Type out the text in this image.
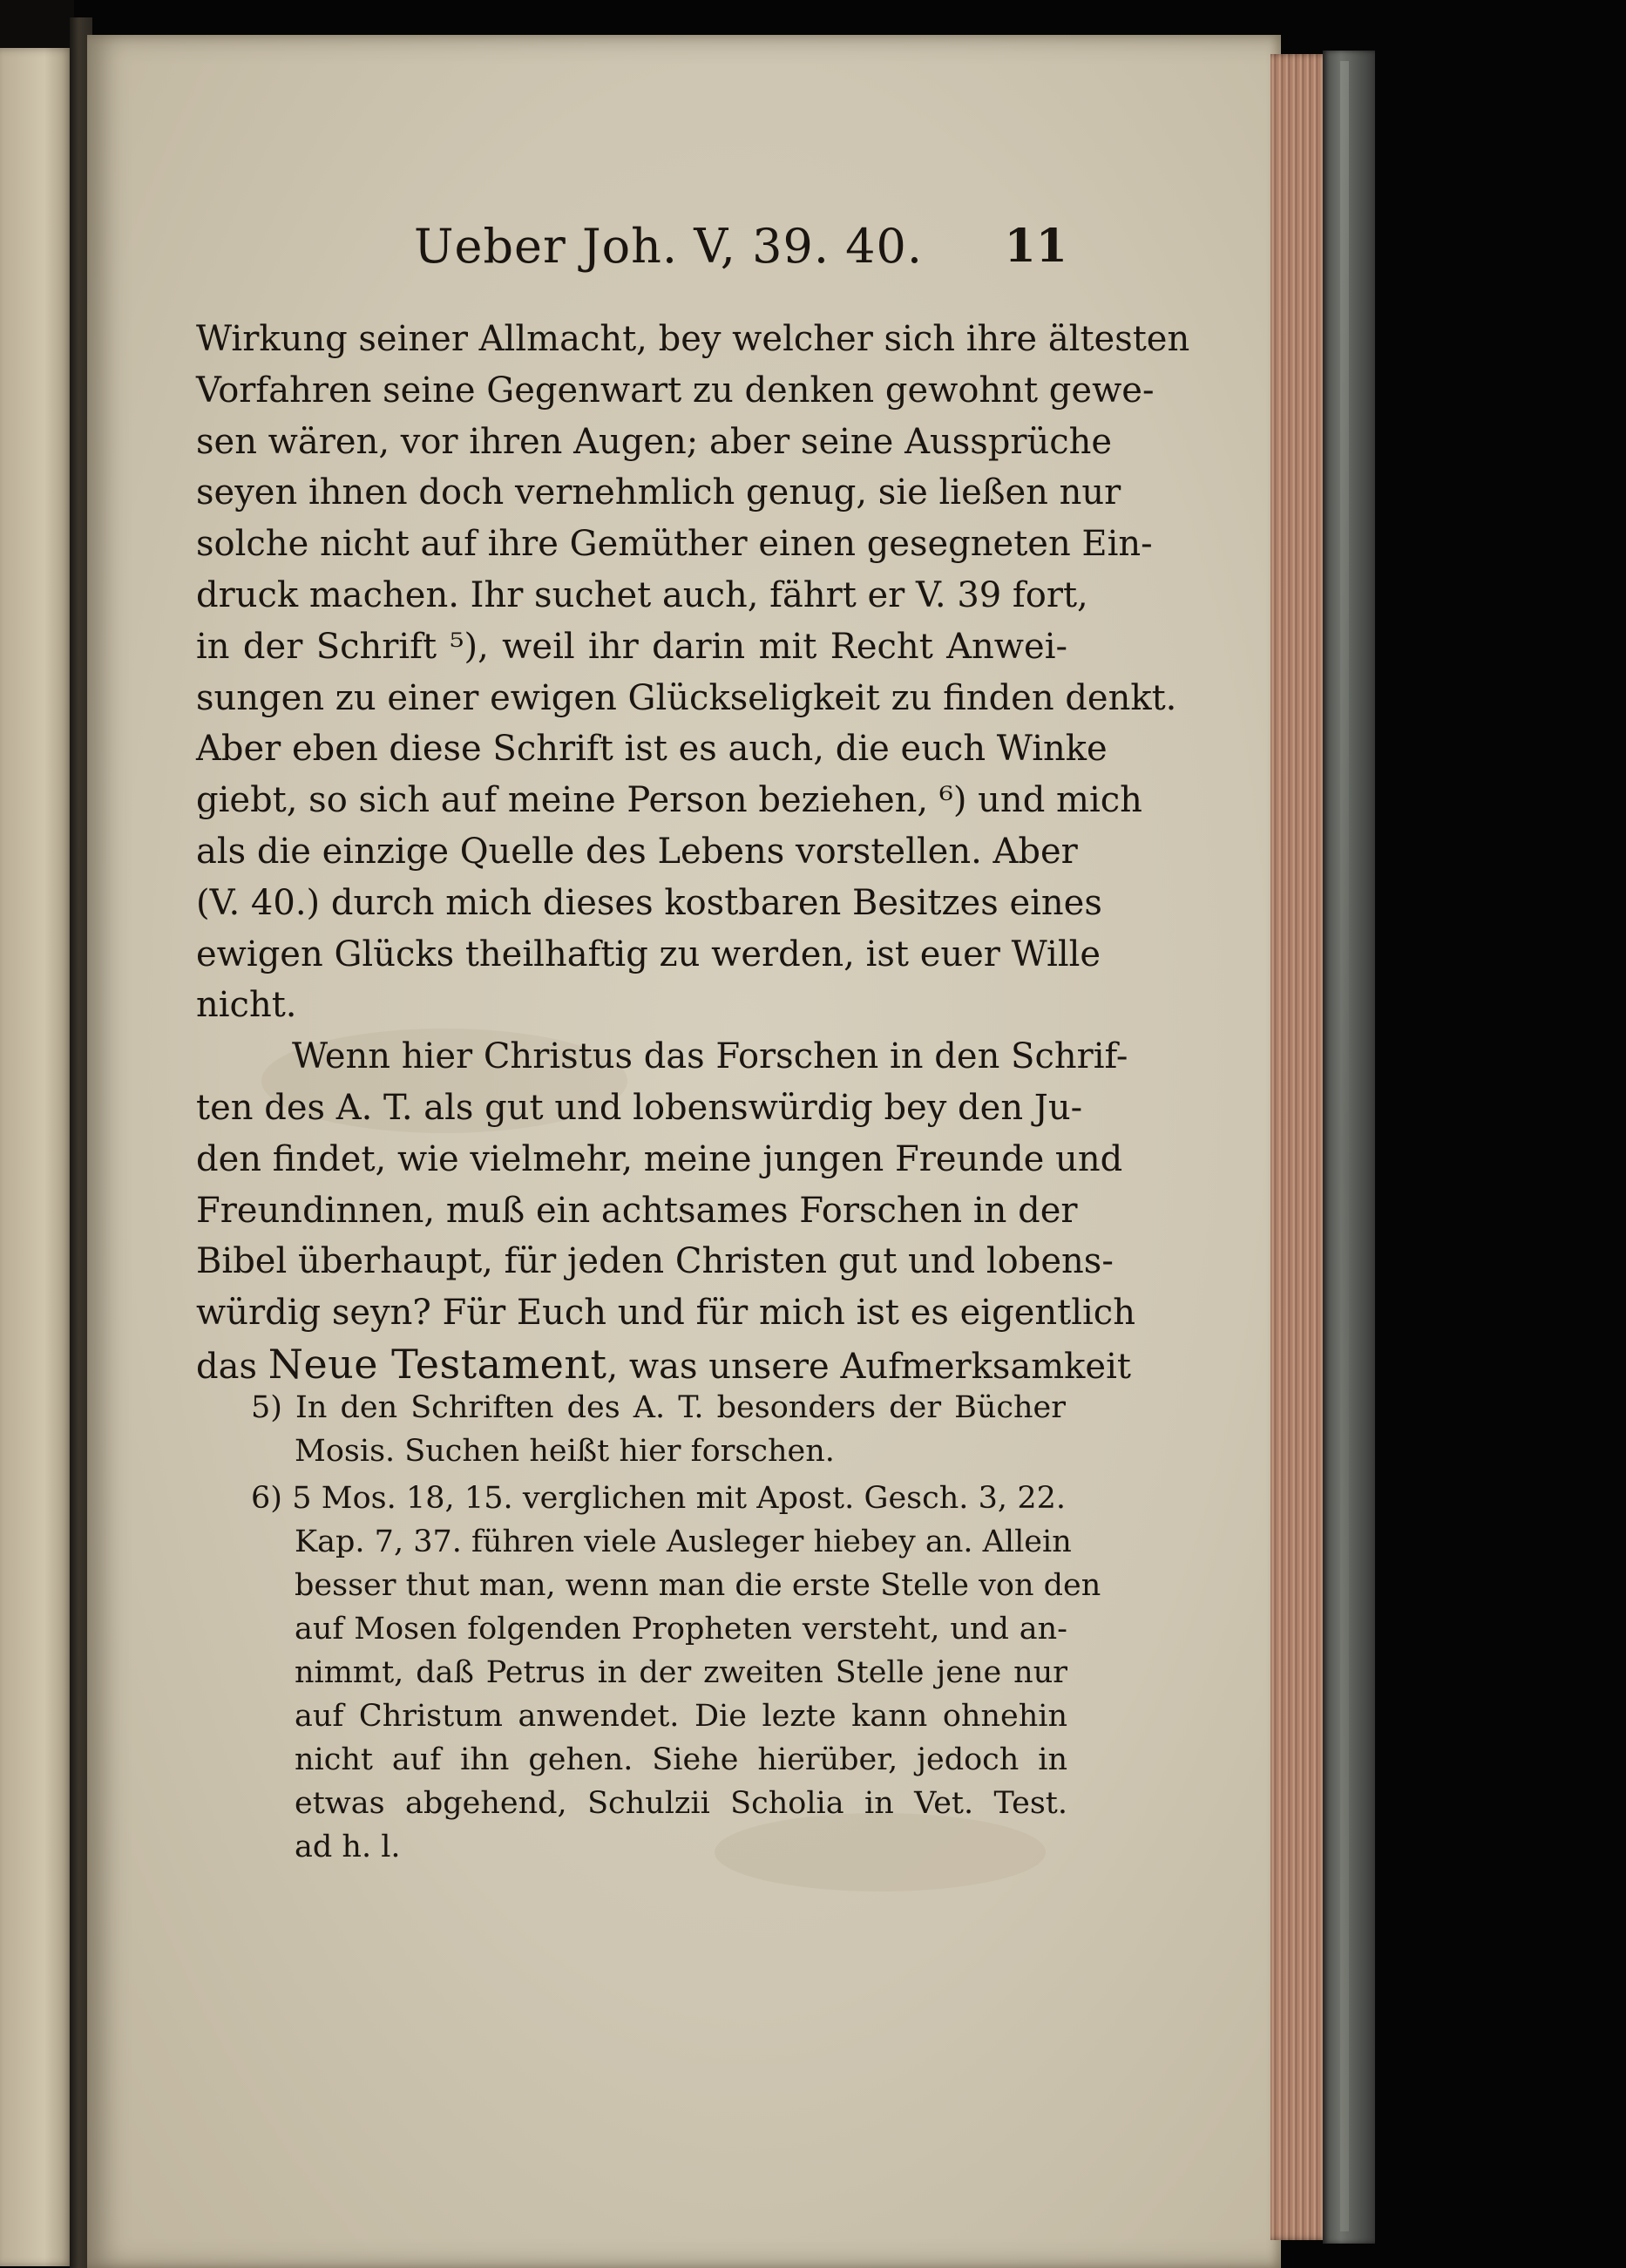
Ueber Joh. V, 39. 40. 11
Wirkung seiner Allmacht, bey welcher sich ihre ältesten
Vorfahren seine Gegenwart zu denken gewohnt gewe-
sen wären, vor ihren Augen; aber seine Aussprüche
seyen ihnen doch vernehmlich genug, sie ließen nur
solche nicht auf ihre Gemüther einen gesegneten Ein-
druck machen. Ihr suchet auch, fährt er V. 39 fort,
in der Schrift ⁵), weil ihr darin mit Recht Anwei-
sungen zu einer ewigen Glückseligkeit zu finden denkt.
Aber eben diese Schrift ist es auch, die euch Winke
giebt, so sich auf meine Person beziehen, ⁶) und mich
als die einzige Quelle des Lebens vorstellen. Aber
(V. 40.) durch mich dieses kostbaren Besitzes eines
ewigen Glücks theilhaftig zu werden, ist euer Wille
nicht.
Wenn hier Christus das Forschen in den Schrif-
ten des A. T. als gut und lobenswürdig bey den Ju-
den findet, wie vielmehr, meine jungen Freunde und
Freundinnen, muß ein achtsames Forschen in der
Bibel überhaupt, für jeden Christen gut und lobens-
würdig seyn? Für Euch und für mich ist es eigentlich
das Neue Testament, was unsere Aufmerksamkeit
5) In den Schriften des A. T. besonders der Bücher
Mosis. Suchen heißt hier forschen.
6) 5 Mos. 18, 15. verglichen mit Apost. Gesch. 3, 22.
Kap. 7, 37. führen viele Ausleger hiebey an. Allein
besser thut man, wenn man die erste Stelle von den
auf Mosen folgenden Propheten versteht, und an-
nimmt, daß Petrus in der zweiten Stelle jene nur
auf Christum anwendet. Die lezte kann ohnehin
nicht auf ihn gehen. Siehe hierüber, jedoch in
etwas abgehend, Schulzii Scholia in Vet. Test.
ad h. l.
